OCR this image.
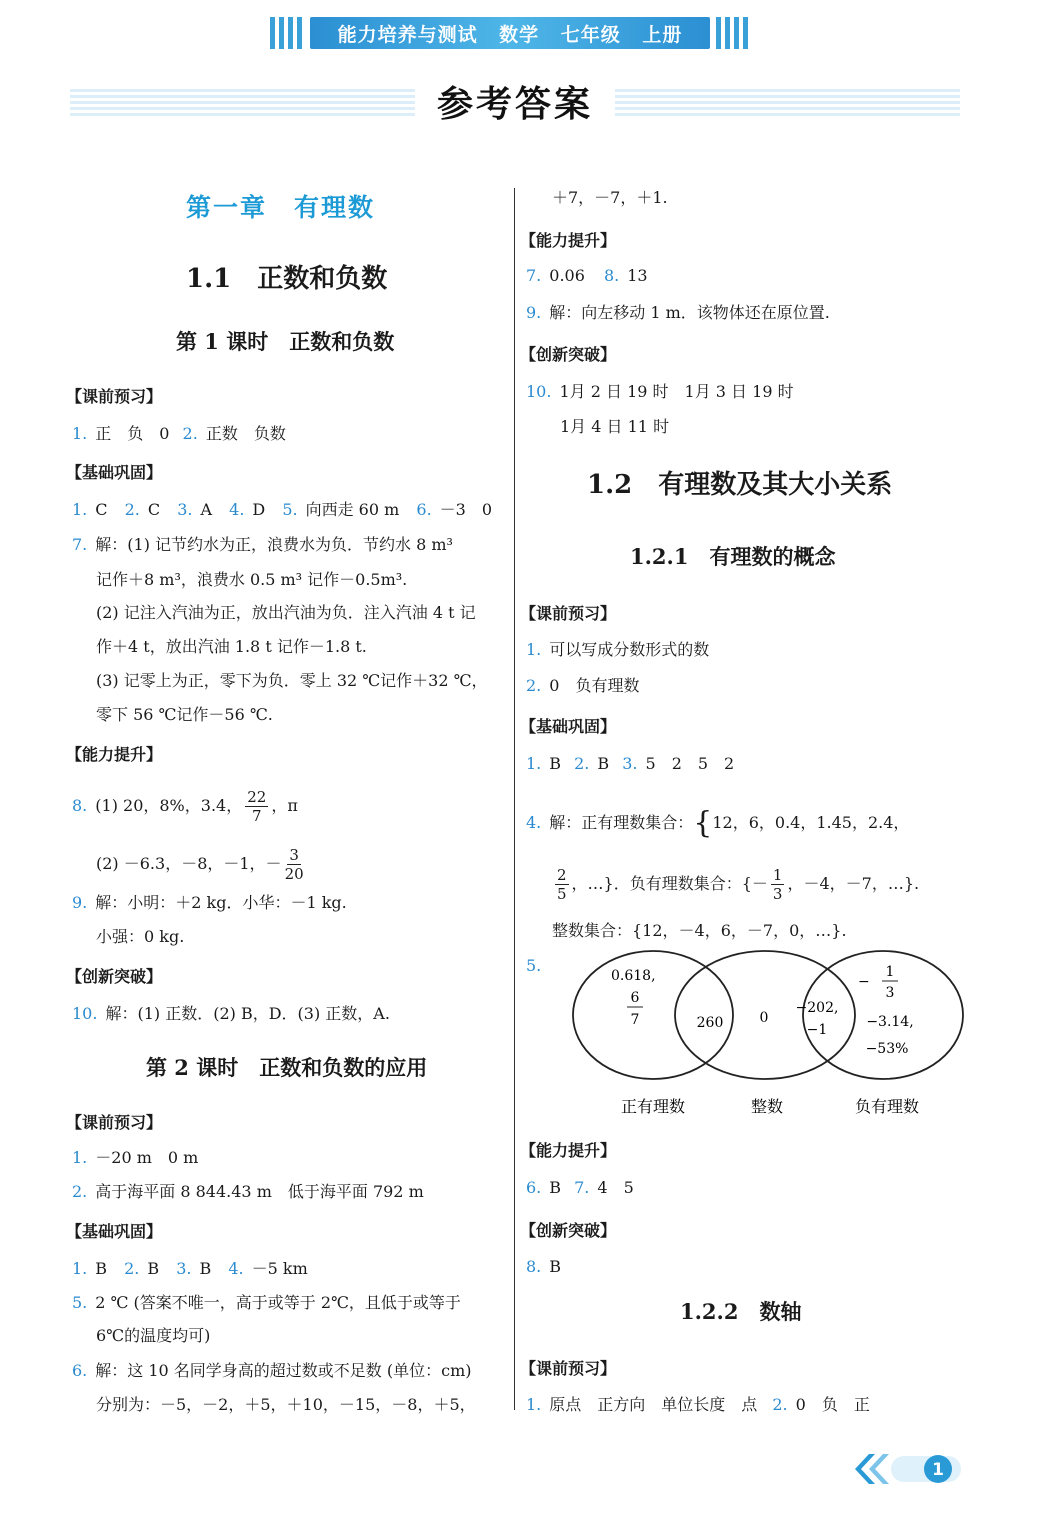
能力培养与测试 数学 七年级 上册
参考答案
第一章　有理数
1.1　正数和负数
第 1 课时　正数和负数
【课前预习】
1. 正　负　0 2. 正数　负数
【基础巩固】
1. C 2. C 3. A 4. D 5. 向西走 60 m 6. －3　0
7. 解：(1) 记节约水为正，浪费水为负．节约水 8 m³
记作＋8 m³，浪费水 0.5 m³ 记作－0.5m³.
(2) 记注入汽油为正，放出汽油为负．注入汽油 4 t 记
作＋4 t，放出汽油 1.8 t 记作－1.8 t.
(3) 记零上为正，零下为负．零上 32 ℃记作＋32 ℃，
零下 56 ℃记作－56 ℃.
【能力提升】
8. (1) 20，8%，3.4， $\frac{22}{7}$ ，π
(2) －6.3，－8，－1，－ $\frac{3}{20}$
9. 解：小明：＋2 kg．小华：－1 kg.
小强：0 kg.
【创新突破】
10. 解：(1) 正数．(2) B，D．(3) 正数，A.
第 2 课时　正数和负数的应用
【课前预习】
1. －20 m　0 m
2. 高于海平面 8 844.43 m　低于海平面 792 m
【基础巩固】
1. B 2. B 3. B 4. －5 km
5. 2 ℃ (答案不唯一，高于或等于 2℃，且低于或等于
6℃的温度均可)
6. 解：这 10 名同学身高的超过数或不足数 (单位：cm)
分别为：－5，－2，＋5，＋10，－15，－8，＋5，
＋7，－7，＋1.
【能力提升】
7. 0.06 8. 13
9. 解：向左移动 1 m．该物体还在原位置.
【创新突破】
10. 1月 2 日 19 时　1月 3 日 19 时
1月 4 日 11 时
1.2　有理数及其大小关系
1.2.1　有理数的概念
【课前预习】
1. 可以写成分数形式的数
2. 0　负有理数
【基础巩固】
1. B 2. B 3. 5　2　5　2
4. 解：正有理数集合：{12，6，0.4，1.45，2.4，
$\frac{2}{5}$ ，…}．负有理数集合：{－ $\frac{1}{3}$ ，－4，－7，…}.
整数集合：{12，－4，6，－7，0，…}.
5.
0.618,
6
7	260	0
−202,
−1
−
1
3
−3.14,
−53%
正有理数	整数	负有理数
【能力提升】
6. B 7. 4　5
【创新突破】
8. B
1.2.2　数轴
【课前预习】
1. 原点　正方向　单位长度　点 2. 0　负　正
1
